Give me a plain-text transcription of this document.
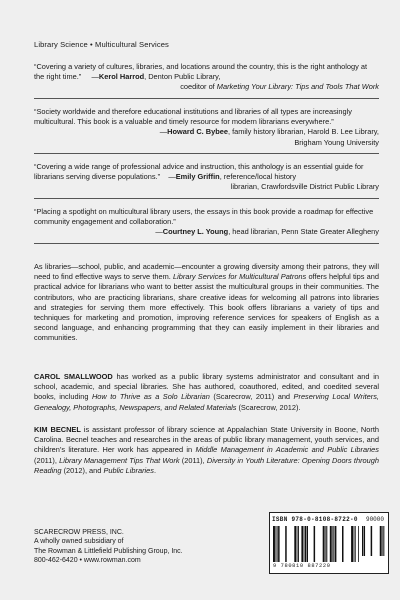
Library Science • Multicultural Services

“Covering a variety of cultures, libraries, and locations around the country, this is the right anthology at the right time.” —Kerol Harrod, Denton Public Library,

coeditor of Marketing Your Library: Tips and Tools That Work

“Society worldwide and therefore educational institutions and libraries of all types are increasingly multicultural. This book is a valuable and timely resource for modern librarians everywhere.”

—Howard C. Bybee, family history librarian, Harold B. Lee Library,

Brigham Young University

“Covering a wide range of professional advice and instruction, this anthology is an essential guide for librarians serving diverse populations.” —Emily Griffin, reference/local history

librarian, Crawfordsville District Public Library

“Placing a spotlight on multicultural library users, the essays in this book provide a roadmap for effective community engagement and collaboration.”

—Courtney L. Young, head librarian, Penn State Greater Allegheny

As libraries—school, public, and academic—encounter a growing diversity among their patrons, they will need to find effective ways to serve them. Library Services for Multicultural Patrons offers helpful tips and practical advice for librarians who want to better assist the multicultural groups in their communities. The contributors, who are practicing librarians, share creative ideas for welcoming all patrons into libraries and strategies for serving them more effectively. This book offers librarians a variety of tips and techniques for marketing and promotion, improving reference services for speakers of English as a second language, and enhancing programming that they can easily implement in their libraries and communities.

CAROL SMALLWOOD has worked as a public library systems administrator and consultant and in school, academic, and special libraries. She has authored, coauthored, edited, and coedited several books, including How to Thrive as a Solo Librarian (Scarecrow, 2011) and Preserving Local Writers, Genealogy, Photographs, Newspapers, and Related Materials (Scarecrow, 2012).

KIM BECNEL is assistant professor of library science at Appalachian State University in Boone, North Carolina. Becnel teaches and researches in the areas of public library management, youth services, and children’s literature. Her work has appeared in Middle Management in Academic and Public Libraries (2011), Library Management Tips That Work (2011), Diversity in Youth Literature: Opening Doors through Reading (2012), and Public Libraries.

SCARECROW PRESS, INC.
A wholly owned subsidiary of
The Rowman & Littlefield Publishing Group, Inc.
800-462-6420 • www.rowman.com
ISBN 978-0-8108-8722-0 90000
9 780810 887220
